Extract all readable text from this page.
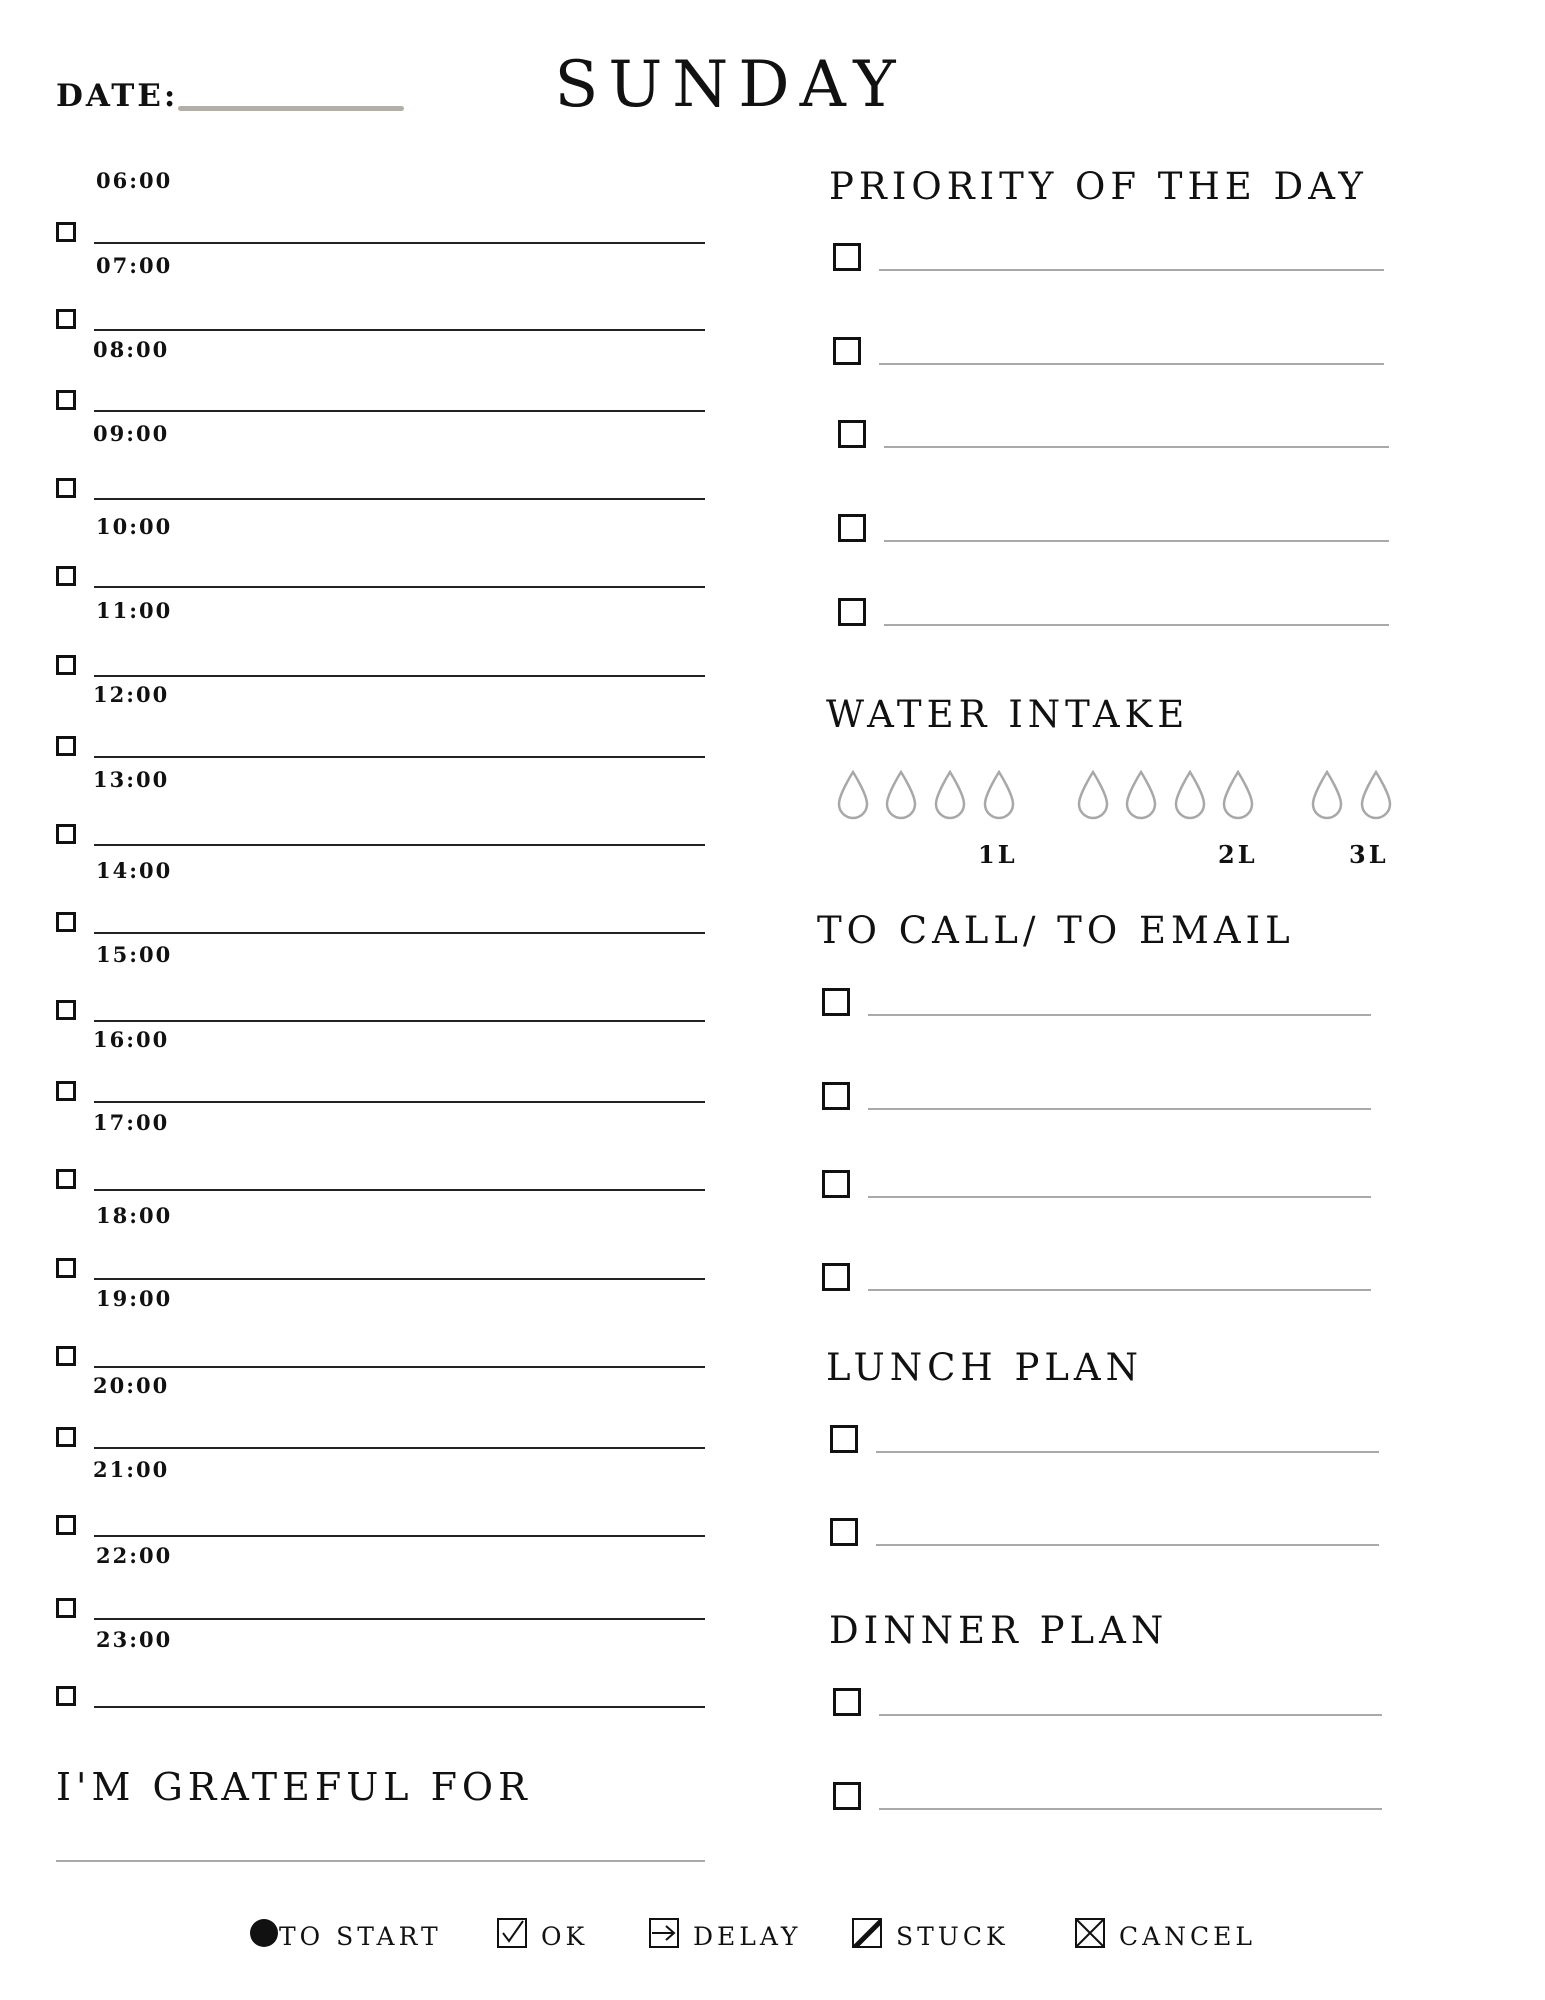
DATE:	SUNDAY
06:00
07:00
08:00
09:00
10:00
11:00
12:00
13:00
14:00
15:00
16:00
17:00
18:00
19:00
20:00
21:00
22:00
23:00
I'M GRATEFUL FOR
PRIORITY OF THE DAY
WATER INTAKE
1L	2L	3L
TO CALL/ TO EMAIL
LUNCH PLAN
DINNER PLAN
TO START	OK	DELAY	STUCK	CANCEL
